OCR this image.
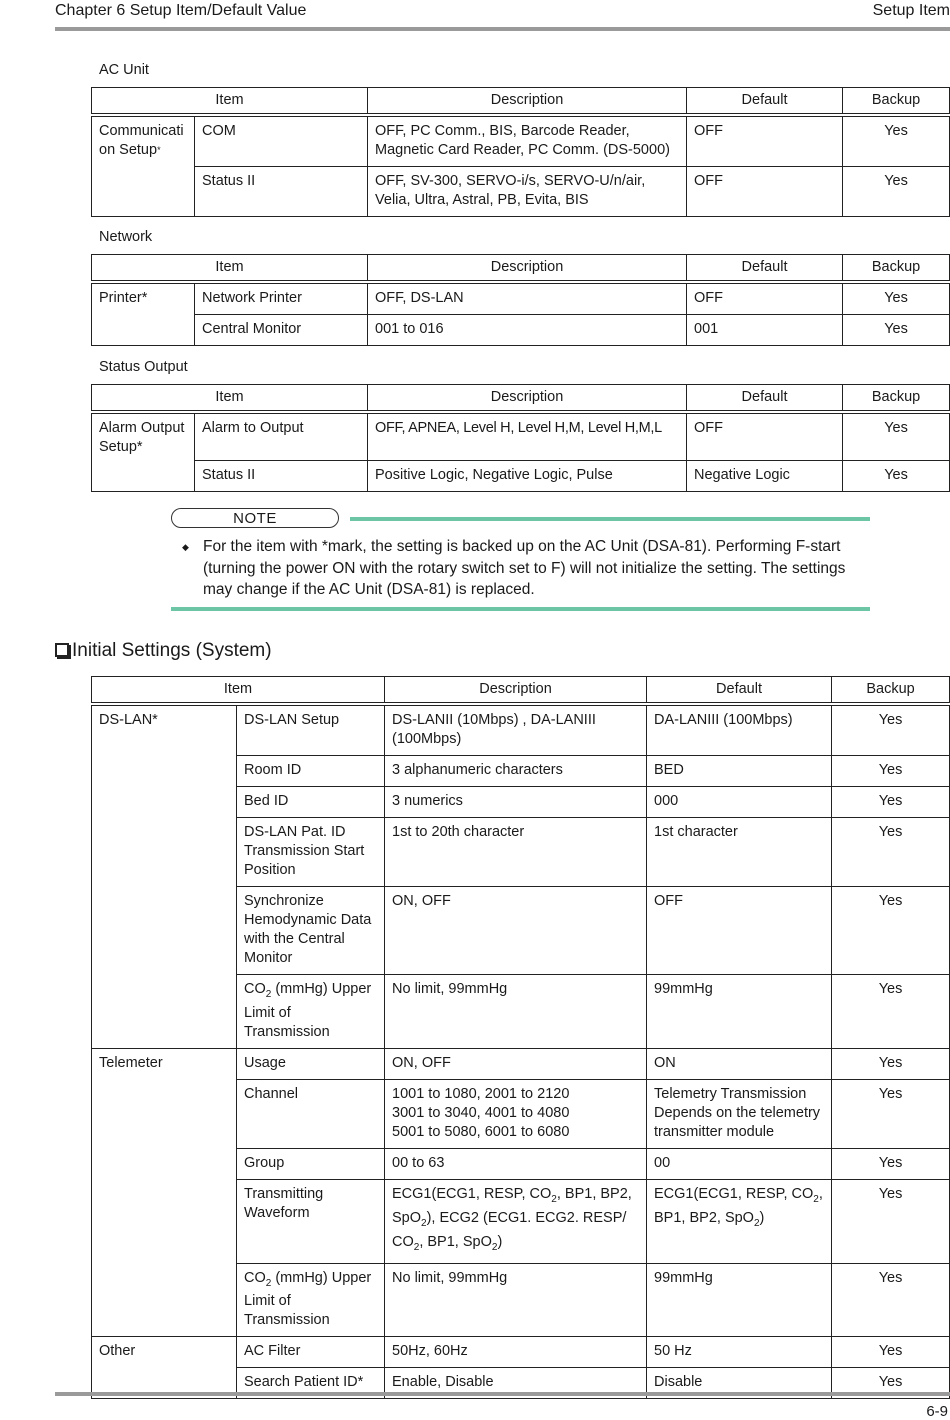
Chapter 6 Setup Item/Default Value	Setup Item
AC Unit
Item		Description	Default	Backup
Communicati on Setup*	COM	OFF, PC Comm., BIS, Barcode Reader, Magnetic Card Reader, PC Comm. (DS-5000)	OFF	Yes
	Status II	OFF, SV-300, SERVO-i/s, SERVO-U/n/air, Velia, Ultra, Astral, PB, Evita, BIS	OFF	Yes
Network
Item		Description	Default	Backup
Printer*	Network Printer	OFF, DS-LAN	OFF	Yes
	Central Monitor	001 to 016	001	Yes
Status Output
Item		Description	Default	Backup
Alarm Output Setup*	Alarm to Output	OFF, APNEA, Level H, Level H,M, Level H,M,L	OFF	Yes
	Status II	Positive Logic, Negative Logic, Pulse	Negative Logic	Yes
NOTE
◆ For the item with *mark, the setting is backed up on the AC Unit (DSA-81). Performing F-start (turning the power ON with the rotary switch set to F) will not initialize the setting. The settings may change if the AC Unit (DSA-81) is replaced.
Initial Settings (System)
Item		Description	Default	Backup
DS-LAN*	DS-LAN Setup	DS-LANII (10Mbps) , DA-LANIII (100Mbps)	DA-LANIII (100Mbps)	Yes
	Room ID	3 alphanumeric characters	BED	Yes
	Bed ID	3 numerics	000	Yes
	DS-LAN Pat. ID Transmission Start Position	1st to 20th character	1st character	Yes
	Synchronize Hemodynamic Data with the Central Monitor	ON, OFF	OFF	Yes
	$CO_2$ (mmHg) Upper Limit of Transmission	No limit, 99mmHg	99mmHg	Yes
Telemeter	Usage	ON, OFF	ON	Yes
	Channel	1001 to 1080, 2001 to 2120
3001 to 3040, 4001 to 4080
5001 to 5080, 6001 to 6080	Telemetry Transmission Depends on the telemetry transmitter module	Yes
	Group	00 to 63	00	Yes
	Transmitting Waveform	ECG1(ECG1, RESP, $CO_2$, BP1, BP2, SpO$_2$), ECG2 (ECG1. ECG2. RESP/ $CO_2$, BP1, SpO$_2$)	ECG1(ECG1, RESP, $CO_2$, BP1, BP2, SpO$_2$)	Yes
	$CO_2$ (mmHg) Upper Limit of Transmission	No limit, 99mmHg	99mmHg	Yes
Other	AC Filter	50Hz, 60Hz	50 Hz	Yes
	Search Patient ID*	Enable, Disable	Disable	Yes
6-9
